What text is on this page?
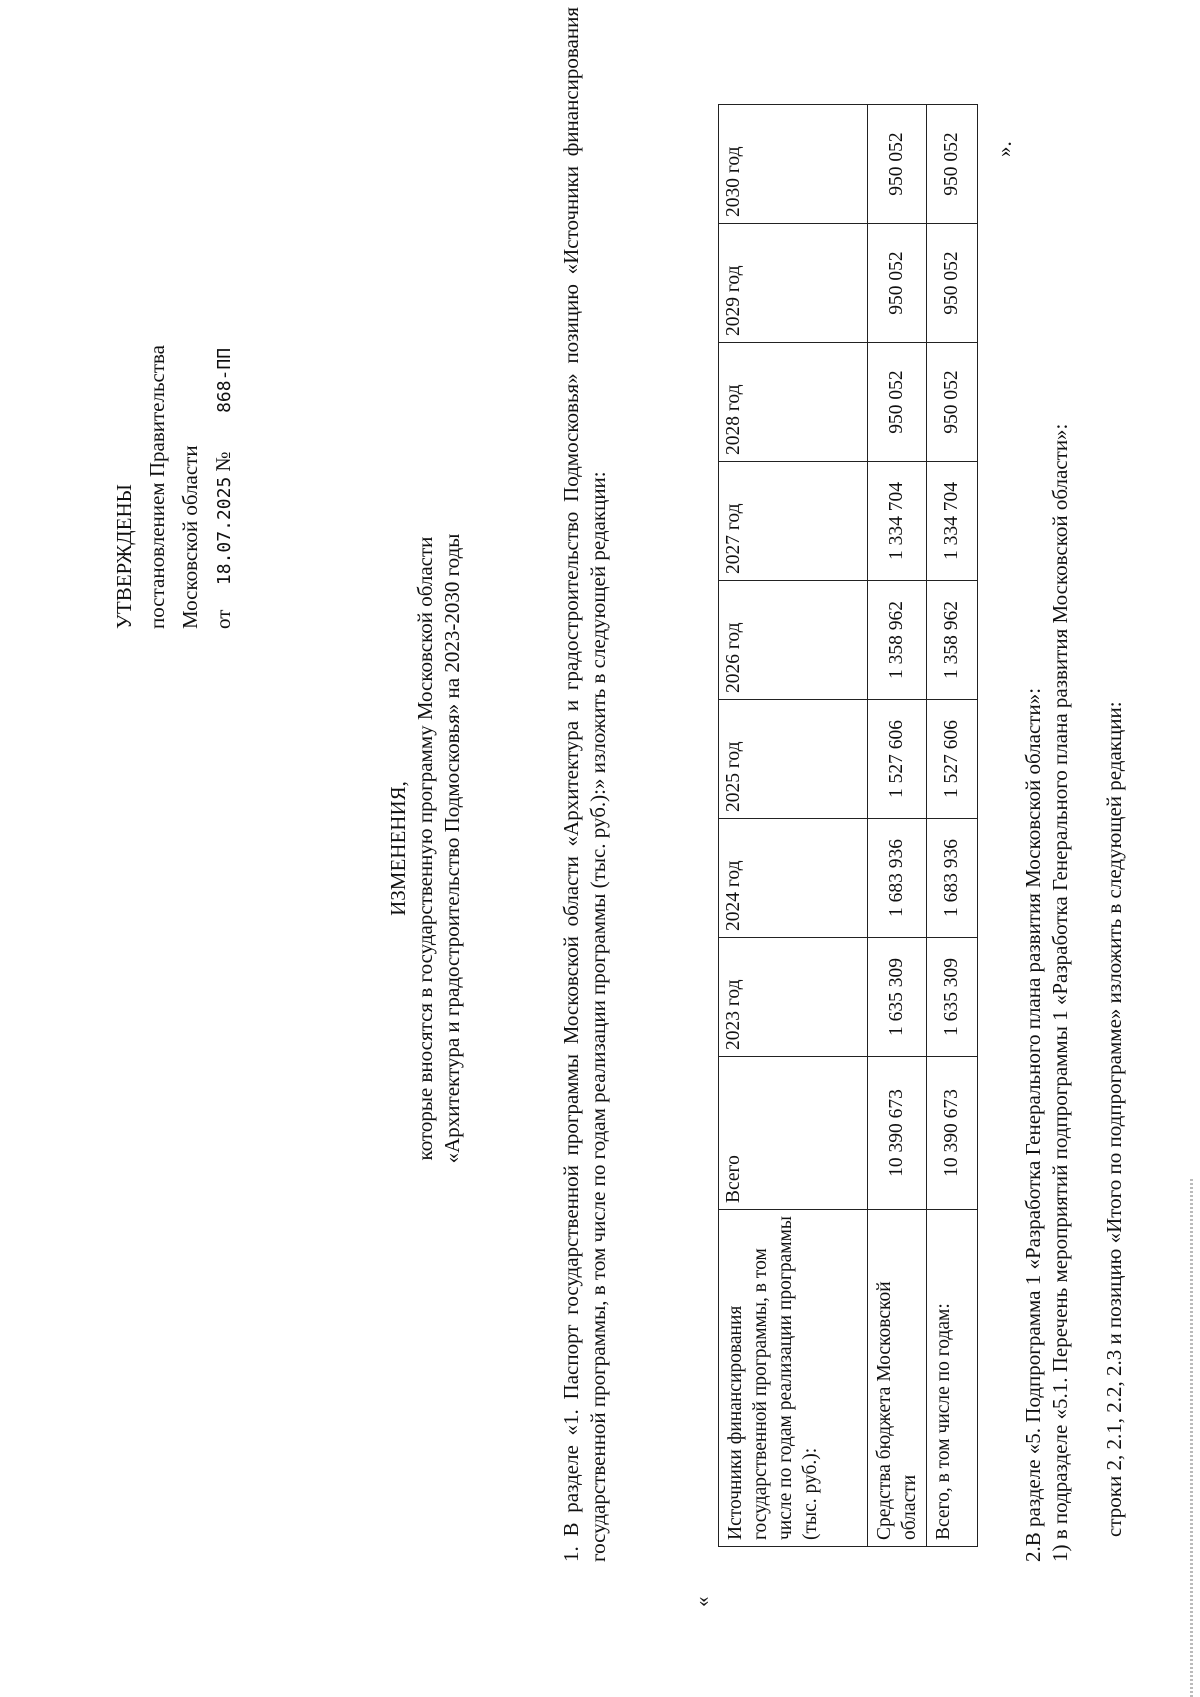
УТВЕРЖДЕНЫ постановлением Правительства Московской области от  18.07.2025 №  868-ПП
ИЗМЕНЕНИЯ, которые вносятся в государственную программу Московской области «Архитектура и градостроительство Подмосковья» на 2023-2030 годы	1. В разделе «1. Паспорт государственной программы Московской области «Архитектура и градостроительство Подмосковья» позицию «Источники финансирования государственной программы, в том числе по годам реализации программы (тыс. руб.):» изложить в следующей редакции:
«
Источники финансирования государственной программы, в том числе по годам реализации программы (тыс. руб.):	Всего	2023 год	2024 год	2025 год	2026 год	2027 год	2028 год	2029 год	2030 год
Средства бюджета Московской области	10 390 673	1 635 309	1 683 936	1 527 606	1 358 962	1 334 704	950 052	950 052	950 052
Всего, в том числе по годам:	10 390 673	1 635 309	1 683 936	1 527 606	1 358 962	1 334 704	950 052	950 052	950 052 ».
2.В разделе «5. Подпрограмма 1 «Разработка Генерального плана развития Московской области»: 1) в подразделе «5.1. Перечень мероприятий подпрограммы 1 «Разработка Генерального плана развития Московской области»: строки 2, 2.1, 2.2, 2.3 и позицию «Итого по подпрограмме» изложить в следующей редакции:
